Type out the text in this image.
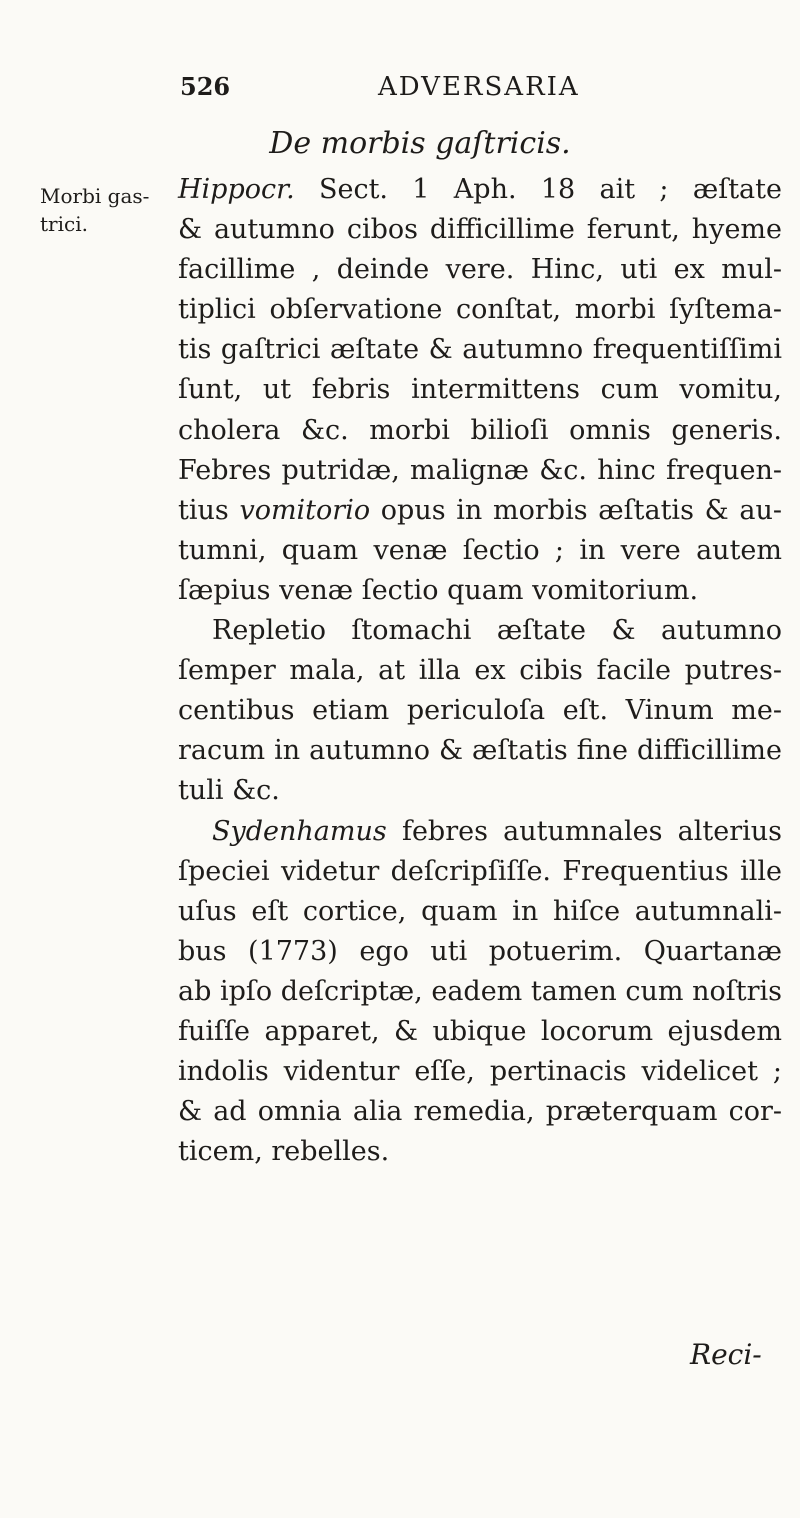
526	ADVERSARIA
De morbis gaſtricis.
Morbi gas-
trici.
Hippocr. Sect. 1 Aph. 18 ait ; æſtate
& autumno cibos difficillime ferunt, hyeme
facillime , deinde vere. Hinc, uti ex mul-
tiplici obſervatione conſtat, morbi ſyſtema-
tis gaſtrici æſtate & autumno frequentiſſimi
ſunt, ut febris intermittens cum vomitu,
cholera &c. morbi bilioſi omnis generis.
Febres putridæ, malignæ &c. hinc frequen-
tius vomitorio opus in morbis æſtatis & au-
tumni, quam venæ ſectio ; in vere autem
ſæpius venæ ſectio quam vomitorium.
Repletio ſtomachi æſtate & autumno
ſemper mala, at illa ex cibis facile putres-
centibus etiam periculoſa eſt. Vinum me-
racum in autumno & æſtatis fine difficillime
tuli &c.
Sydenhamus febres autumnales alterius
ſpeciei videtur deſcripſiſſe. Frequentius ille
uſus eſt cortice, quam in hiſce autumnali-
bus (1773) ego uti potuerim. Quartanæ
ab ipſo deſcriptæ, eadem tamen cum noſtris
fuiſſe apparet, & ubique locorum ejusdem
indolis videntur eſſe, pertinacis videlicet ;
& ad omnia alia remedia, præterquam cor-
ticem, rebelles.
Reci-
